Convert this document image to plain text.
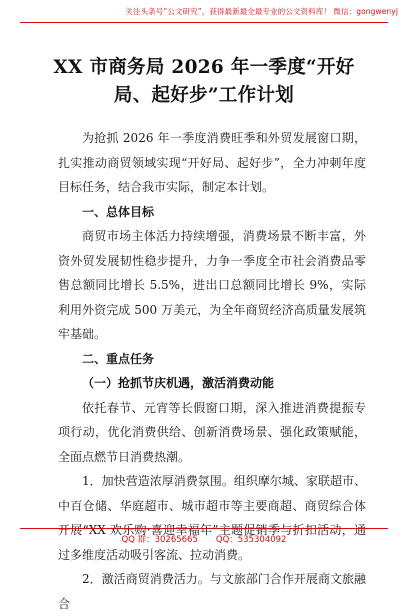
关注头条号“公文研究”，获得最新最全最专业的公文资料库！ 微信：gongwenyj
XX 市商务局 2026 年一季度“开好局、起好步”工作计划

为抢抓 2026 年一季度消费旺季和外贸发展窗口期，扎实推动商贸领域实现“开好局、起好步”，全力冲刺年度目标任务，结合我市实际，制定本计划。

一、总体目标

商贸市场主体活力持续增强，消费场景不断丰富，外资外贸发展韧性稳步提升，力争一季度全市社会消费品零售总额同比增长 5.5%，进出口总额同比增长 9%，实际利用外资完成 500 万美元，为全年商贸经济高质量发展筑牢基础。

二、重点任务

（一）抢抓节庆机遇，激活消费动能

依托春节、元宵等长假窗口期，深入推进消费提振专项行动，优化消费供给、创新消费场景、强化政策赋能，全面点燃节日消费热潮。

1．加快营造浓厚消费氛围。组织摩尔城、家联超市、中百仓储、华庭超市、城市超市等主要商超、商贸综合体开展“XX 欢乐购·喜迎幸福年”主题促销季与折扣活动，通过多维度活动吸引客流、拉动消费。

2．激活商贸消费活力。与文旅部门合作开展商文旅融合

QQ 群：30265665 QQ：535304092
